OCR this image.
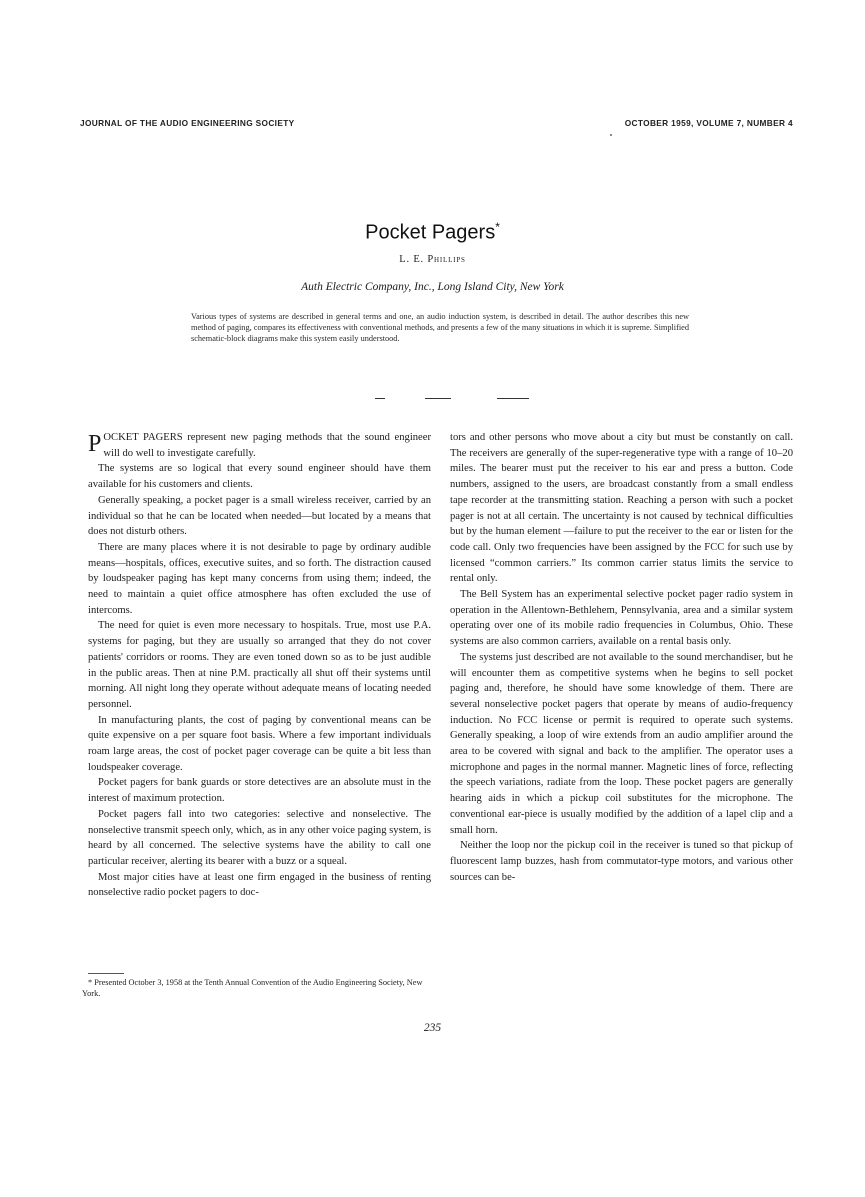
JOURNAL OF THE AUDIO ENGINEERING SOCIETY	OCTOBER 1959, VOLUME 7, NUMBER 4
Pocket Pagers*
L. E. Phillips
Auth Electric Company, Inc., Long Island City, New York

Various types of systems are described in general terms and one, an audio induction system, is described in detail. The author describes this new method of paging, compares its effectiveness with conventional methods, and presents a few of the many situations in which it is supreme. Simplified schematic-block diagrams make this system easily understood.

POCKET PAGERS represent new paging methods that the sound engineer will do well to investigate carefully.

The systems are so logical that every sound engineer should have them available for his customers and clients.

Generally speaking, a pocket pager is a small wireless receiver, carried by an individual so that he can be located when needed—but located by a means that does not disturb others.

There are many places where it is not desirable to page by ordinary audible means—hospitals, offices, executive suites, and so forth. The distraction caused by loudspeaker paging has kept many concerns from using them; indeed, the need to maintain a quiet office atmosphere has often excluded the use of intercoms.

The need for quiet is even more necessary to hospitals. True, most use P.A. systems for paging, but they are usually so arranged that they do not cover patients' corridors or rooms. They are even toned down so as to be just audible in the public areas. Then at nine P.M. practically all shut off their systems until morning. All night long they operate without adequate means of locating needed personnel.

In manufacturing plants, the cost of paging by conventional means can be quite expensive on a per square foot basis. Where a few important individuals roam large areas, the cost of pocket pager coverage can be quite a bit less than loudspeaker coverage.

Pocket pagers for bank guards or store detectives are an absolute must in the interest of maximum protection.

Pocket pagers fall into two categories: selective and nonselective. The nonselective transmit speech only, which, as in any other voice paging system, is heard by all concerned. The selective systems have the ability to call one particular receiver, alerting its bearer with a buzz or a squeal.

Most major cities have at least one firm engaged in the business of renting nonselective radio pocket pagers to doc-

tors and other persons who move about a city but must be constantly on call. The receivers are generally of the super-regenerative type with a range of 10–20 miles. The bearer must put the receiver to his ear and press a button. Code numbers, assigned to the users, are broadcast constantly from a small endless tape recorder at the transmitting station. Reaching a person with such a pocket pager is not at all certain. The uncertainty is not caused by technical difficulties but by the human element —failure to put the receiver to the ear or listen for the code call. Only two frequencies have been assigned by the FCC for such use by licensed “common carriers.” Its common carrier status limits the service to rental only.

The Bell System has an experimental selective pocket pager radio system in operation in the Allentown-Bethlehem, Pennsylvania, area and a similar system operating over one of its mobile radio frequencies in Columbus, Ohio. These systems are also common carriers, available on a rental basis only.

The systems just described are not available to the sound merchandiser, but he will encounter them as competitive systems when he begins to sell pocket paging and, therefore, he should have some knowledge of them. There are several nonselective pocket pagers that operate by means of audio-frequency induction. No FCC license or permit is required to operate such systems. Generally speaking, a loop of wire extends from an audio amplifier around the area to be covered with signal and back to the amplifier. The operator uses a microphone and pages in the normal manner. Magnetic lines of force, reflecting the speech variations, radiate from the loop. These pocket pagers are generally hearing aids in which a pickup coil substitutes for the microphone. The conventional ear-piece is usually modified by the addition of a lapel clip and a small horn.

Neither the loop nor the pickup coil in the receiver is tuned so that pickup of fluorescent lamp buzzes, hash from commutator-type motors, and various other sources can be-

* Presented October 3, 1958 at the Tenth Annual Convention of the Audio Engineering Society, New York.

235
